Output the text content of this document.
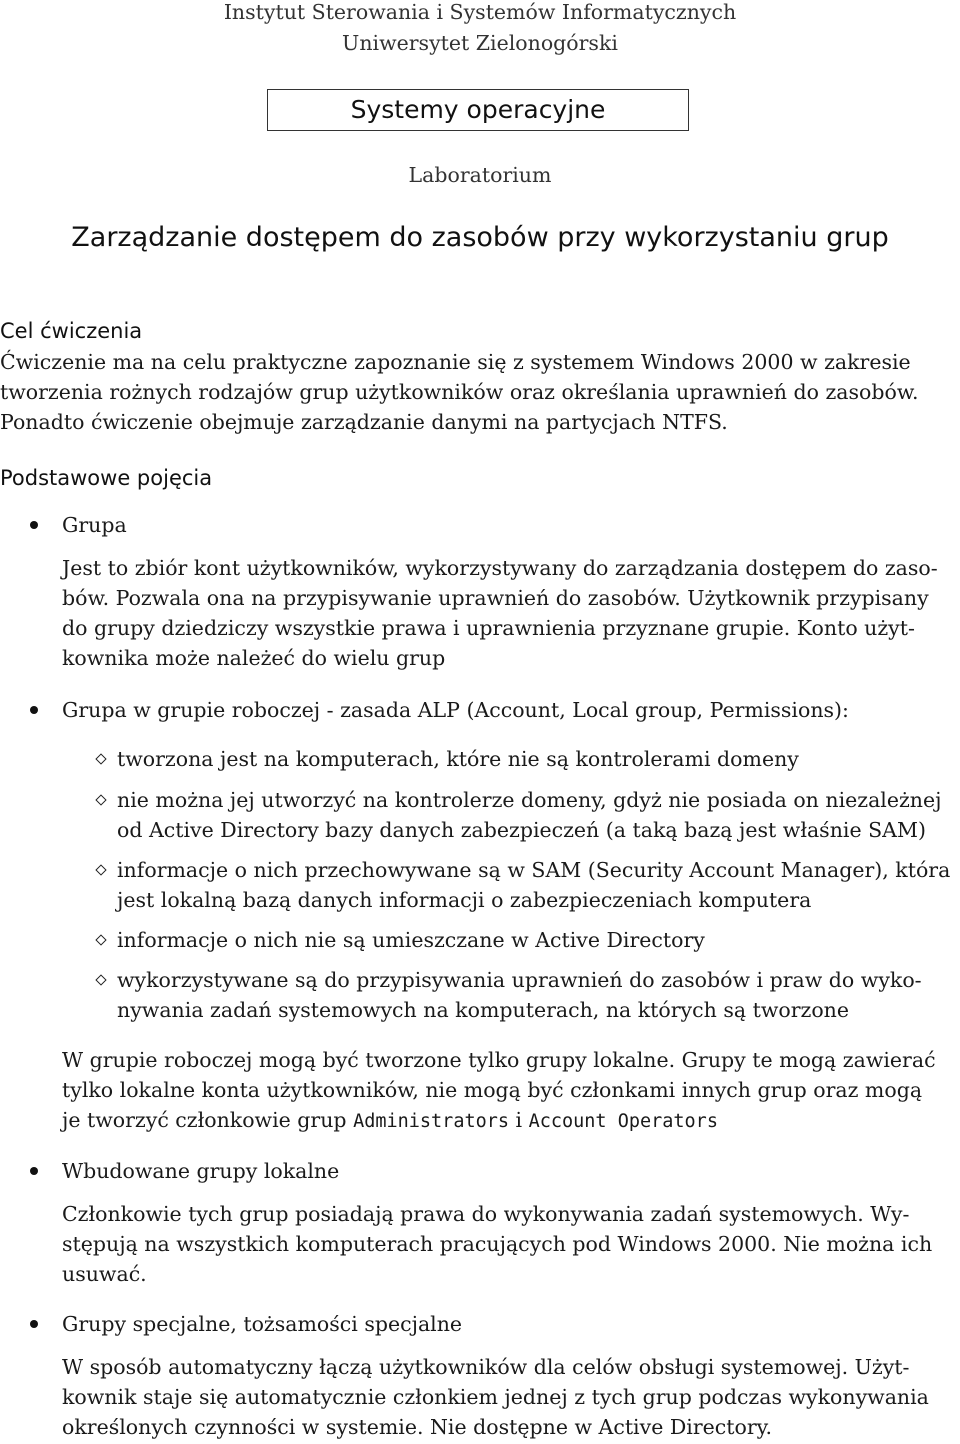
Instytut Sterowania i Systemów Informatycznych
Uniwersytet Zielonogórski
Systemy operacyjne
Laboratorium
Zarządzanie dostępem do zasobów przy wykorzystaniu grup
Cel ćwiczenia
Ćwiczenie ma na celu praktyczne zapoznanie się z systemem Windows 2000 w zakresie
tworzenia rożnych rodzajów grup użytkowników oraz określania uprawnień do zasobów.
Ponadto ćwiczenie obejmuje zarządzanie danymi na partycjach NTFS.
Podstawowe pojęcia
Grupa
Jest to zbiór kont użytkowników, wykorzystywany do zarządzania dostępem do zaso-
bów. Pozwala ona na przypisywanie uprawnień do zasobów. Użytkownik przypisany
do grupy dziedziczy wszystkie prawa i uprawnienia przyznane grupie. Konto użyt-
kownika może należeć do wielu grup
Grupa w grupie roboczej - zasada ALP (Account, Local group, Permissions):
tworzona jest na komputerach, które nie są kontrolerami domeny
nie można jej utworzyć na kontrolerze domeny, gdyż nie posiada on niezależnej
od Active Directory bazy danych zabezpieczeń (a taką bazą jest właśnie SAM)
informacje o nich przechowywane są w SAM (Security Account Manager), która
jest lokalną bazą danych informacji o zabezpieczeniach komputera
informacje o nich nie są umieszczane w Active Directory
wykorzystywane są do przypisywania uprawnień do zasobów i praw do wyko-
nywania zadań systemowych na komputerach, na których są tworzone
W grupie roboczej mogą być tworzone tylko grupy lokalne. Grupy te mogą zawierać
tylko lokalne konta użytkowników, nie mogą być członkami innych grup oraz mogą
je tworzyć członkowie grup Administrators i Account Operators
Wbudowane grupy lokalne
Członkowie tych grup posiadają prawa do wykonywania zadań systemowych. Wy-
stępują na wszystkich komputerach pracujących pod Windows 2000. Nie można ich
usuwać.
Grupy specjalne, tożsamości specjalne
W sposób automatyczny łączą użytkowników dla celów obsługi systemowej. Użyt-
kownik staje się automatycznie członkiem jednej z tych grup podczas wykonywania
określonych czynności w systemie. Nie dostępne w Active Directory.
